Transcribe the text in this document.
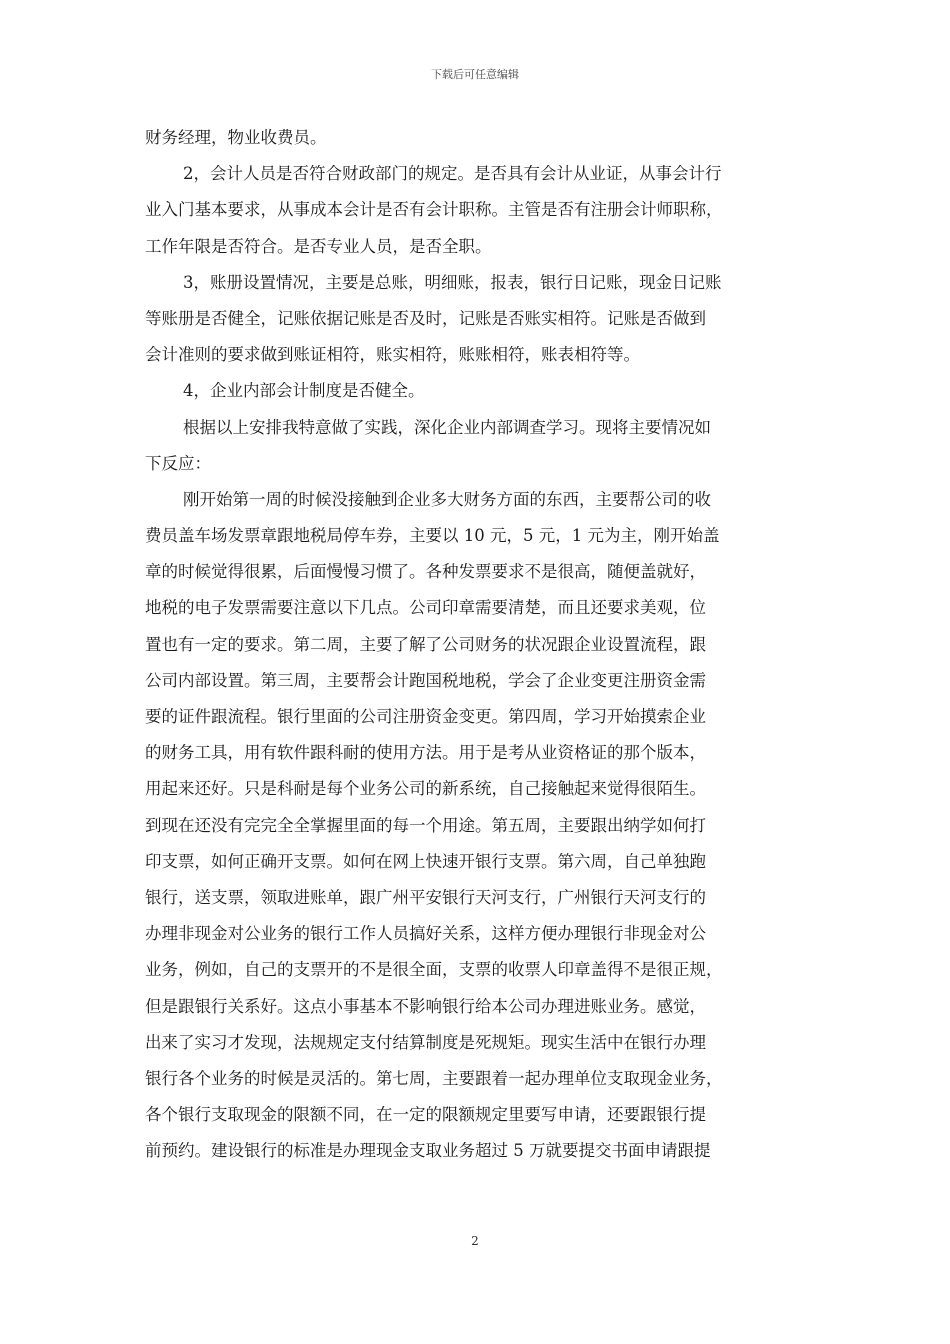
下载后可任意编辑
财务经理，物业收费员。
2，会计人员是否符合财政部门的规定。是否具有会计从业证，从事会计行
业入门基本要求，从事成本会计是否有会计职称。主管是否有注册会计师职称，
工作年限是否符合。是否专业人员，是否全职。
3，账册设置情况，主要是总账，明细账，报表，银行日记账，现金日记账
等账册是否健全，记账依据记账是否及时，记账是否账实相符。记账是否做到
会计准则的要求做到账证相符，账实相符，账账相符，账表相符等。
4，企业内部会计制度是否健全。
根据以上安排我特意做了实践，深化企业内部调查学习。现将主要情况如
下反应：
刚开始第一周的时候没接触到企业多大财务方面的东西，主要帮公司的收
费员盖车场发票章跟地税局停车券，主要以 10 元，5 元，1 元为主，刚开始盖
章的时候觉得很累，后面慢慢习惯了。各种发票要求不是很高，随便盖就好，
地税的电子发票需要注意以下几点。公司印章需要清楚，而且还要求美观，位
置也有一定的要求。第二周，主要了解了公司财务的状况跟企业设置流程，跟
公司内部设置。第三周，主要帮会计跑国税地税，学会了企业变更注册资金需
要的证件跟流程。银行里面的公司注册资金变更。第四周，学习开始摸索企业
的财务工具，用有软件跟科耐的使用方法。用于是考从业资格证的那个版本，
用起来还好。只是科耐是每个业务公司的新系统，自己接触起来觉得很陌生。
到现在还没有完完全全掌握里面的每一个用途。第五周，主要跟出纳学如何打
印支票，如何正确开支票。如何在网上快速开银行支票。第六周，自己单独跑
银行，送支票，领取进账单，跟广州平安银行天河支行，广州银行天河支行的
办理非现金对公业务的银行工作人员搞好关系，这样方便办理银行非现金对公
业务，例如，自己的支票开的不是很全面，支票的收票人印章盖得不是很正规，
但是跟银行关系好。这点小事基本不影响银行给本公司办理进账业务。感觉，
出来了实习才发现，法规规定支付结算制度是死规矩。现实生活中在银行办理
银行各个业务的时候是灵活的。第七周，主要跟着一起办理单位支取现金业务，
各个银行支取现金的限额不同，在一定的限额规定里要写申请，还要跟银行提
前预约。建设银行的标准是办理现金支取业务超过 5 万就要提交书面申请跟提
2
